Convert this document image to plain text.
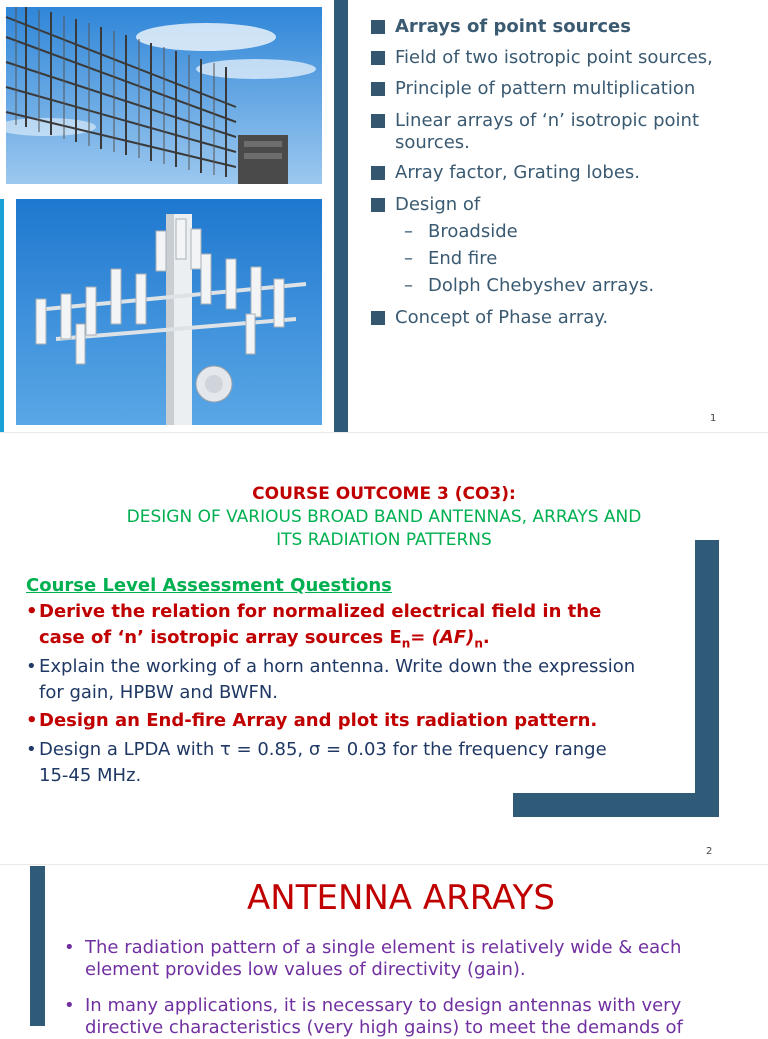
Arrays of point sources
Field of two isotropic point sources,
Principle of pattern multiplication
Linear arrays of ‘n’ isotropic point
sources.
Array factor, Grating lobes.
Design of
Concept of Phase array.
– Broadside
– End fire
– Dolph Chebyshev arrays.
1
COURSE OUTCOME 3 (CO3):
DESIGN OF VARIOUS BROAD BAND ANTENNAS, ARRAYS AND
ITS RADIATION PATTERNS
Course Level Assessment Questions
• Derive the relation for normalized electrical field in the
case of ‘n’ isotropic array sources $E_n= (AF)_n$.
• Explain the working of a horn antenna. Write down the expression
for gain, HPBW and BWFN.
• Design an End-fire Array and plot its radiation pattern.
• Design a LPDA with τ = 0.85, σ = 0.03 for the frequency range
15-45 MHz.
2
ANTENNA ARRAYS
• The radiation pattern of a single element is relatively wide & each
element provides low values of directivity (gain).
• In many applications, it is necessary to design antennas with very
directive characteristics (very high gains) to meet the demands of
